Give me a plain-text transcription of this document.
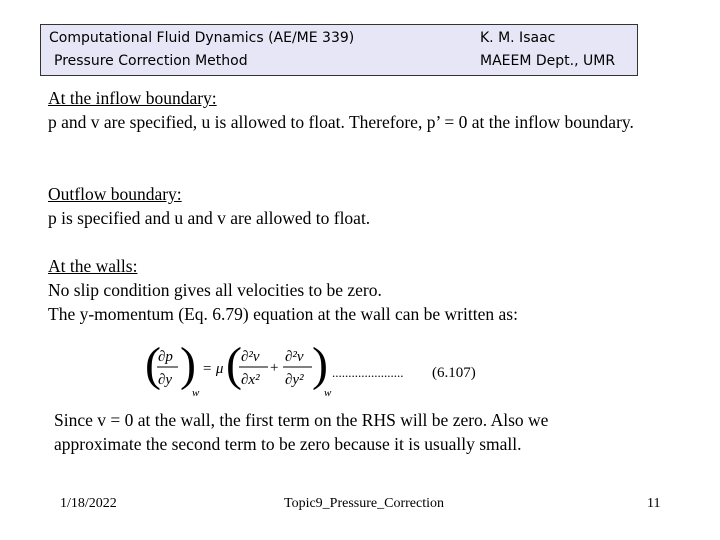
Computational Fluid Dynamics (AE/ME 339)
Pressure Correction Method
K. M. Isaac
MAEEM Dept., UMR
At the inflow boundary:
p and v are specified, u is allowed to float. Therefore, p’ = 0 at the inflow boundary.
Outflow boundary:
p is specified and u and v are allowed to float.
At the walls:
No slip condition gives all velocities to be zero.
The y-momentum (Eq. 6.79) equation at the wall can be written as:
(
∂p
∂y )
w
= μ ( ∂²v
∂x²
+
∂²v
∂y² )
w
...................... (6.107)
Since v = 0 at the wall, the first term on the RHS will be zero. Also we approximate the second term to be zero because it is usually small.
1/18/2022	Topic9_Pressure_Correction	11
